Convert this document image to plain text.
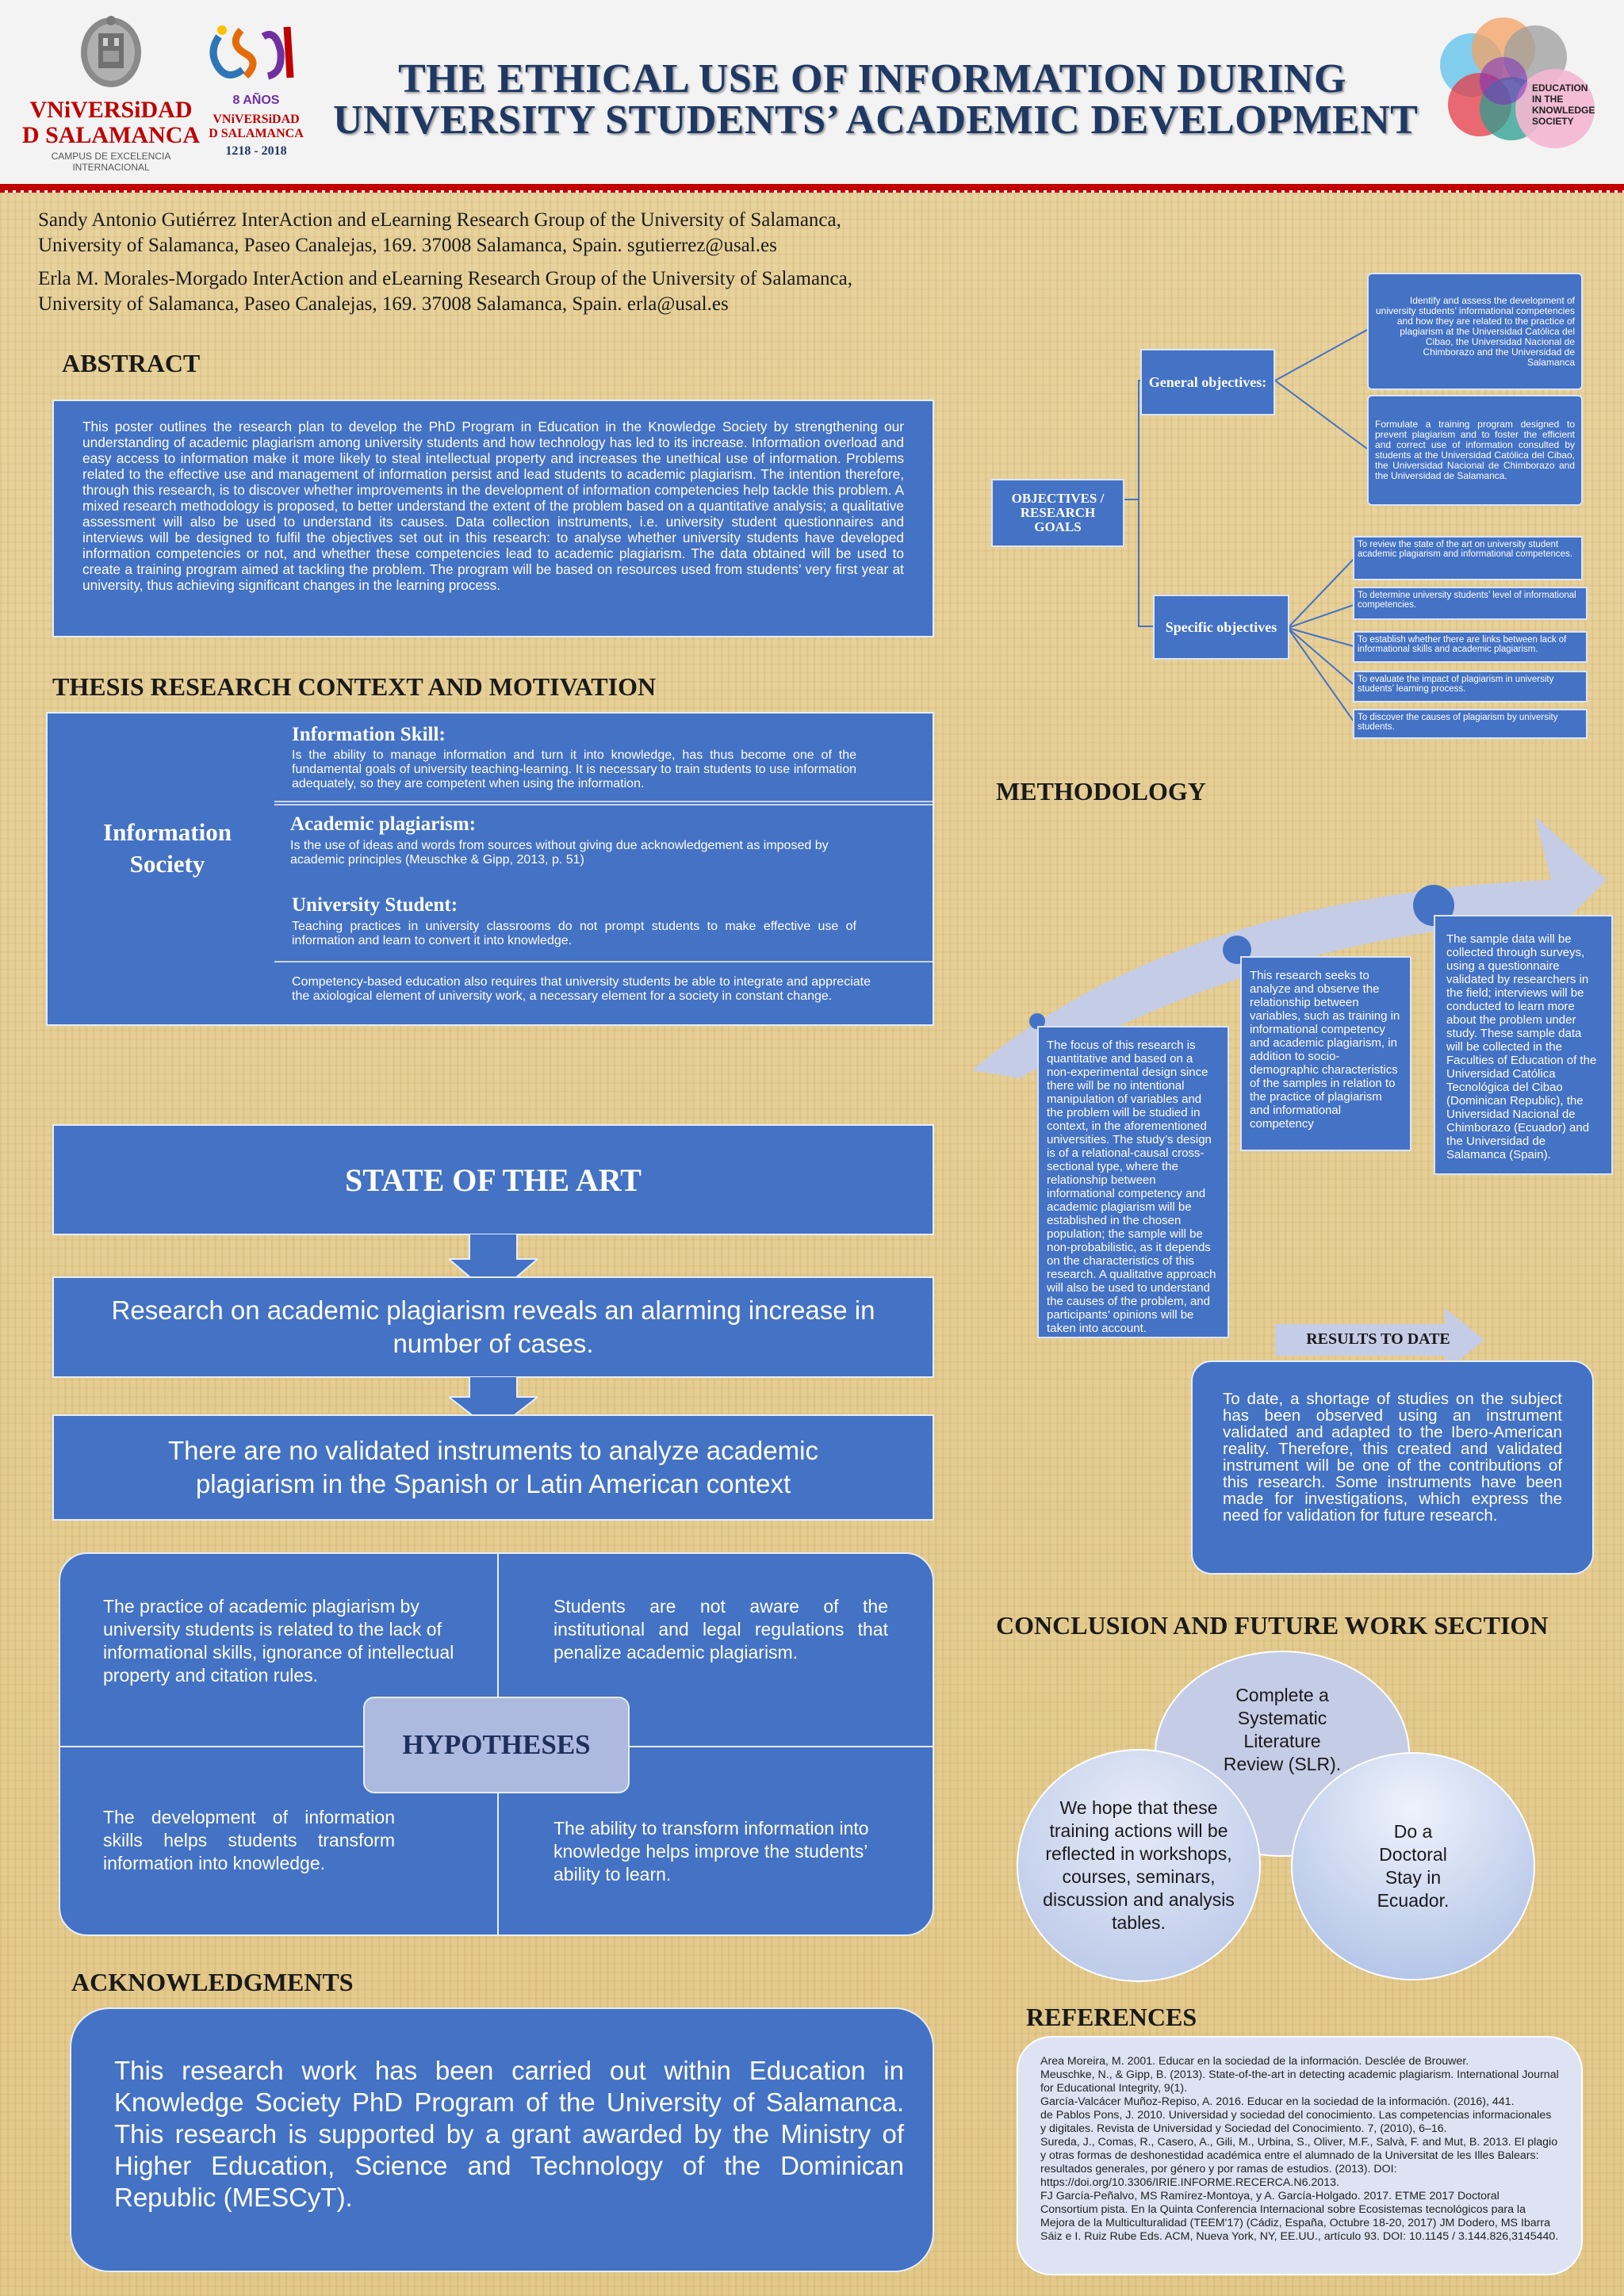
VNiVERSiDAD
D SALAMANCA
CAMPUS DE EXCELENCIA INTERNACIONAL
8 AÑOS
VNiVERSiDAD
D SALAMANCA
1218 - 2018
THE ETHICAL USE OF INFORMATION DURING
UNIVERSITY STUDENTS’ ACADEMIC DEVELOPMENT
EDUCATION IN THE KNOWLEDGE SOCIETY
Sandy Antonio Gutiérrez InterAction and eLearning Research Group of the University of Salamanca,
University of Salamanca, Paseo Canalejas, 169. 37008 Salamanca, Spain. sgutierrez@usal.es
Erla M. Morales-Morgado InterAction and eLearning Research Group of the University of Salamanca,
University of Salamanca, Paseo Canalejas, 169. 37008 Salamanca, Spain. erla@usal.es
ABSTRACT
This poster outlines the research plan to develop the PhD Program in Education in the Knowledge Society by strengthening our understanding of academic plagiarism among university students and how technology has led to its increase. Information overload and easy access to information make it more likely to steal intellectual property and increases the unethical use of information. Problems related to the effective use and management of information persist and lead students to academic plagiarism. The intention therefore, through this research, is to discover whether improvements in the development of information competencies help tackle this problem. A mixed research methodology is proposed, to better understand the extent of the problem based on a quantitative analysis; a qualitative assessment will also be used to understand its causes. Data collection instruments, i.e. university student questionnaires and interviews will be designed to fulfil the objectives set out in this research: to analyse whether university students have developed information competencies or not, and whether these competencies lead to academic plagiarism. The data obtained will be used to create a training program aimed at tackling the problem. The program will be based on resources used from students’ very first year at university, thus achieving significant changes in the learning process.
THESIS RESEARCH CONTEXT AND MOTIVATION
Information
Society
Information Skill:
Is the ability to manage information and turn it into knowledge, has thus become one of the fundamental goals of university teaching-learning. It is necessary to train students to use information adequately, so they are competent when using the information.
Academic plagiarism:
Is the use of ideas and words from sources without giving due acknowledgement as imposed by academic principles (Meuschke & Gipp, 2013, p. 51)
University Student:
Teaching practices in university classrooms do not prompt students to make effective use of information and learn to convert it into knowledge.
Competency-based education also requires that university students be able to integrate and appreciate the axiological element of university work, a necessary element for a society in constant change.
STATE OF THE ART
Research on academic plagiarism reveals an alarming increase in number of cases.
There are no validated instruments to analyze academic plagiarism in the Spanish or Latin American context
The practice of academic plagiarism by university students is related to the lack of informational skills, ignorance of intellectual property and citation rules.
Students are not aware of the institutional and legal regulations that penalize academic plagiarism.
The development of information skills helps students transform information into knowledge.
The ability to transform information into knowledge helps improve the students’ ability to learn.
HYPOTHESES
ACKNOWLEDGMENTS
This research work has been carried out within Education in Knowledge Society PhD Program of the University of Salamanca. This research is supported by a grant awarded by the Ministry of Higher Education, Science and Technology of the Dominican Republic (MESCyT).
OBJECTIVES / RESEARCH GOALS
General objectives:
Identify and assess the development of university students’ informational competencies and how they are related to the practice of plagiarism at the Universidad Católica del Cibao, the Universidad Nacional de Chimborazo and the Universidad de Salamanca
Formulate a training program designed to prevent plagiarism and to foster the efficient and correct use of information consulted by students at the Universidad Católica del Cibao, the Universidad Nacional de Chimborazo and the Universidad de Salamanca.
Specific objectives
To review the state of the art on university student academic plagiarism and informational competences.
To determine university students’ level of informational competencies.
To establish whether there are links between lack of informational skills and academic plagiarism.
To evaluate the impact of plagiarism in university students’ learning process.
To discover the causes of plagiarism by university students.
METHODOLOGY
The focus of this research is quantitative and based on a non-experimental design since there will be no intentional manipulation of variables and the problem will be studied in context, in the aforementioned universities. The study’s design is of a relational-causal cross-sectional type, where the relationship between informational competency and academic plagiarism will be established in the chosen population; the sample will be non-probabilistic, as it depends on the characteristics of this research. A qualitative approach will also be used to understand the causes of the problem, and participants’ opinions will be taken into account.
This research seeks to analyze and observe the relationship between variables, such as training in informational competency and academic plagiarism, in addition to socio-demographic characteristics of the samples in relation to the practice of plagiarism and informational competency
The sample data will be collected through surveys, using a questionnaire validated by researchers in the field; interviews will be conducted to learn more about the problem under study. These sample data will be collected in the Faculties of Education of the Universidad Católica Tecnológica del Cibao (Dominican Republic), the Universidad Nacional de Chimborazo (Ecuador) and the Universidad de Salamanca (Spain).
RESULTS TO DATE
To date, a shortage of studies on the subject has been observed using an instrument validated and adapted to the Ibero-American reality. Therefore, this created and validated instrument will be one of the contributions of this research. Some instruments have been made for investigations, which express the need for validation for future research.
CONCLUSION AND FUTURE WORK SECTION
Complete a Systematic Literature Review (SLR).
We hope that these training actions will be reflected in workshops, courses, seminars, discussion and analysis tables.
Do a Doctoral Stay in Ecuador.
REFERENCES
Area Moreira, M. 2001. Educar en la sociedad de la información. Desclée de Brouwer.
Meuschke, N., & Gipp, B. (2013). State-of-the-art in detecting academic plagiarism. International Journal for Educational Integrity, 9(1).
García-Valcácer Muñoz-Repiso, A. 2016. Educar en la sociedad de la información. (2016), 441.
de Pablos Pons, J. 2010. Universidad y sociedad del conocimiento. Las competencias informacionales y digitales. Revista de Universidad y Sociedad del Conocimiento. 7, (2010), 6–16.
Sureda, J., Comas, R., Casero, A., Gili, M., Urbina, S., Oliver, M.F., Salvà, F. and Mut, B. 2013. El plagio y otras formas de deshonestidad académica entre el alumnado de la Universitat de les Illes Balears: resultados generales, por género y por ramas de estudios. (2013). DOI: https://doi.org/10.3306/IRIE.INFORME.RECERCA.N6.2013.
FJ García-Peñalvo, MS Ramírez-Montoya, y A. García-Holgado. 2017. ETME 2017 Doctoral Consortium pista. En la Quinta Conferencia Internacional sobre Ecosistemas tecnológicos para la Mejora de la Multiculturalidad (TEEM'17) (Cádiz, España, Octubre 18-20, 2017) JM Dodero, MS Ibarra Sáiz e I. Ruiz Rube Eds. ACM, Nueva York, NY, EE.UU., artículo 93. DOI: 10.1145 / 3.144.826,3145440.
